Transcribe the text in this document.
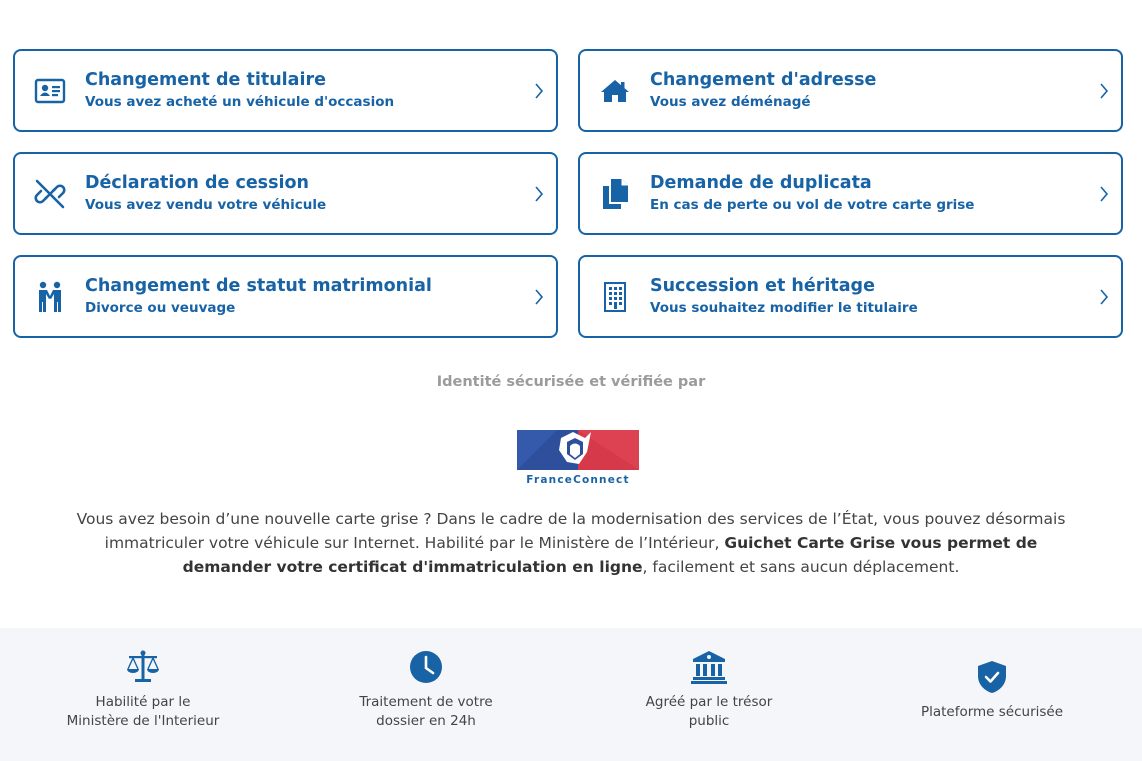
Changement de titulaire
Vous avez acheté un véhicule d'occasion
Changement d'adresse
Vous avez déménagé
Déclaration de cession
Vous avez vendu votre véhicule
Demande de duplicata
En cas de perte ou vol de votre carte grise
Changement de statut matrimonial
Divorce ou veuvage
Succession et héritage
Vous souhaitez modifier le titulaire
Identité sécurisée et vérifiée par
FranceConnect

Vous avez besoin d’une nouvelle carte grise ? Dans le cadre de la modernisation des services de l’État, vous pouvez désormais immatriculer votre véhicule sur Internet. Habilité par le Ministère de l’Intérieur, Guichet Carte Grise vous permet de demander votre certificat d'immatriculation en ligne, facilement et sans aucun déplacement.

Habilité par le
Ministère de l'Interieur
Traitement de votre
dossier en 24h
Agréé par le trésor
public
Plateforme sécurisée
